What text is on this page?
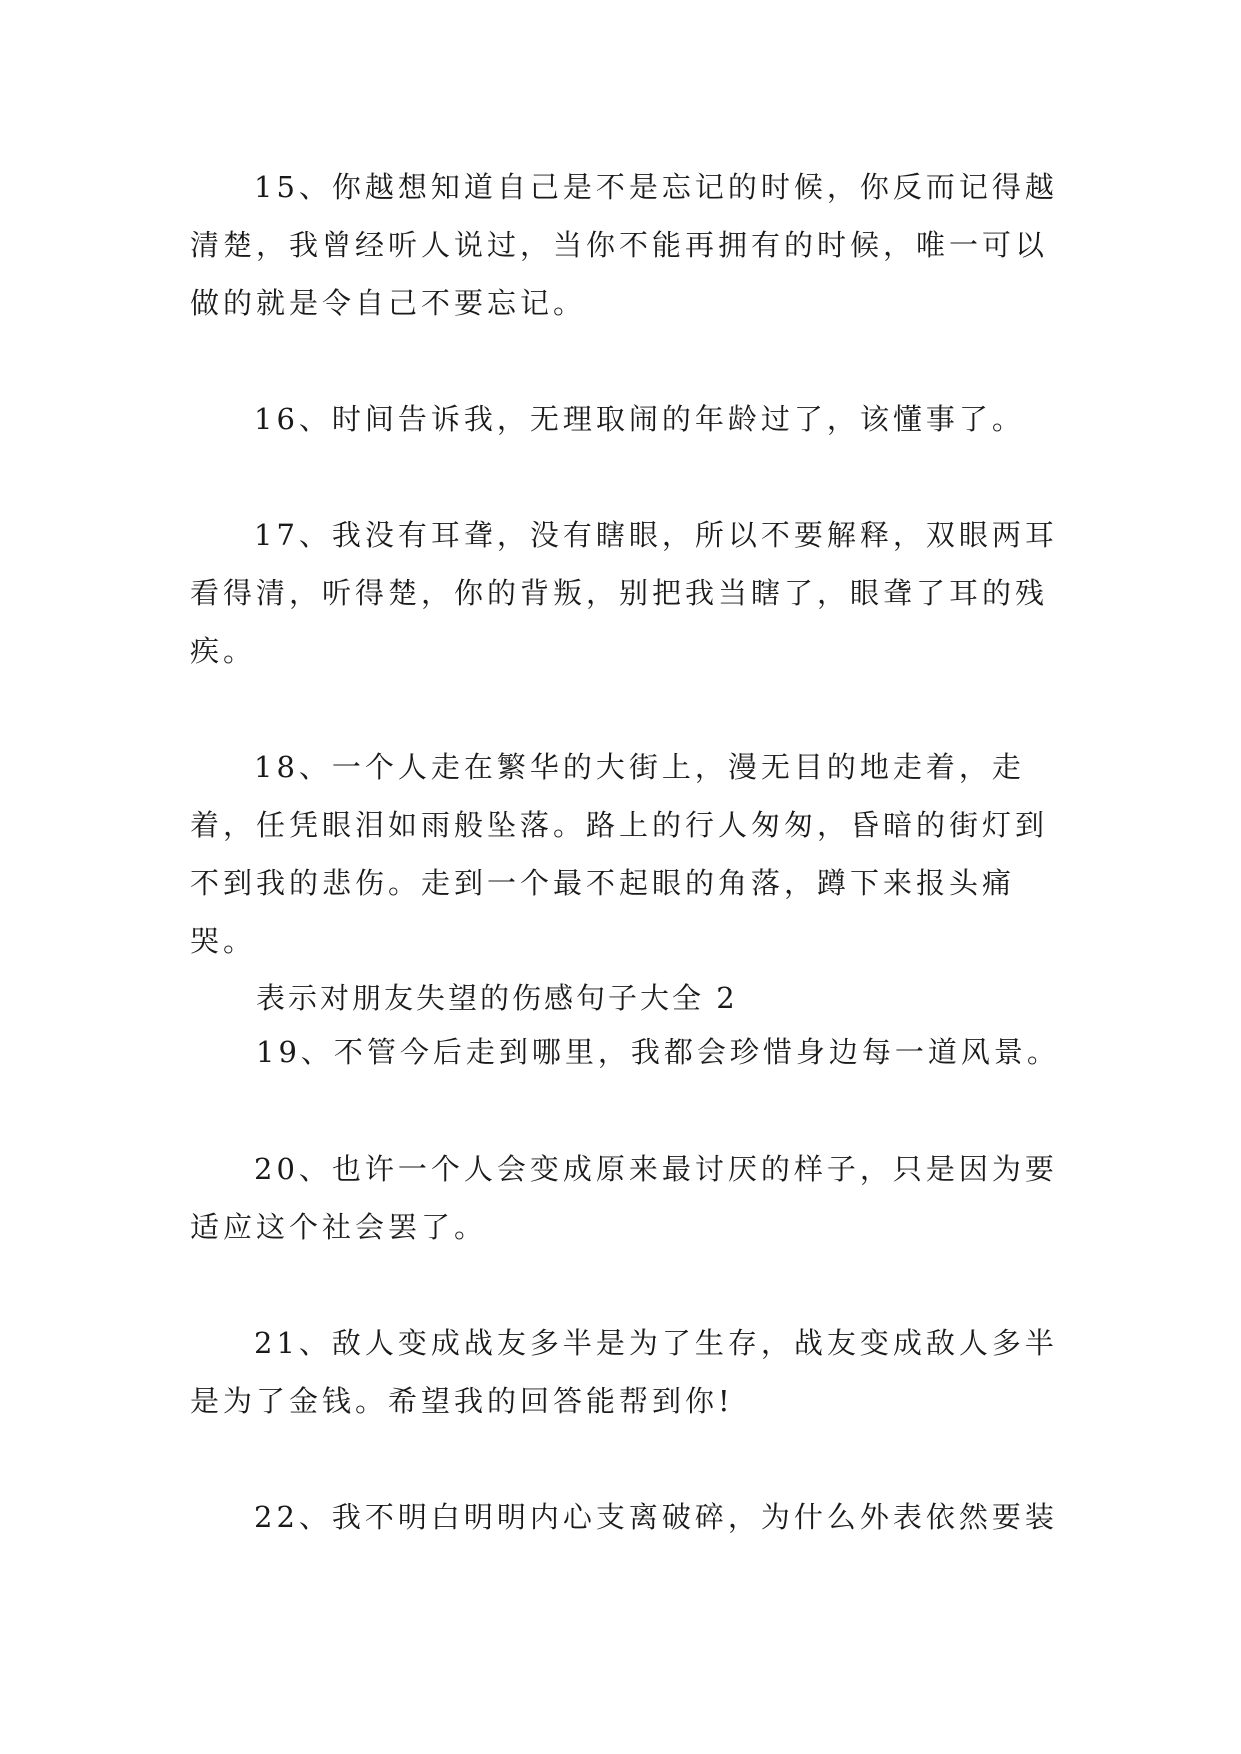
15、你越想知道自己是不是忘记的时候，你反而记得越清楚，我曾经听人说过，当你不能再拥有的时候，唯一可以做的就是令自己不要忘记。

16、时间告诉我，无理取闹的年龄过了，该懂事了。

17、我没有耳聋，没有瞎眼，所以不要解释，双眼两耳看得清，听得楚，你的背叛，别把我当瞎了，眼聋了耳的残疾。

18、一个人走在繁华的大街上，漫无目的地走着，走着，任凭眼泪如雨般坠落。路上的行人匆匆，昏暗的街灯到不到我的悲伤。走到一个最不起眼的角落，蹲下来报头痛哭。

表示对朋友失望的伤感句子大全 2

19、不管今后走到哪里，我都会珍惜身边每一道风景。

20、也许一个人会变成原来最讨厌的样子，只是因为要适应这个社会罢了。

21、敌人变成战友多半是为了生存，战友变成敌人多半是为了金钱。希望我的回答能帮到你!

22、我不明白明明内心支离破碎，为什么外表依然要装
